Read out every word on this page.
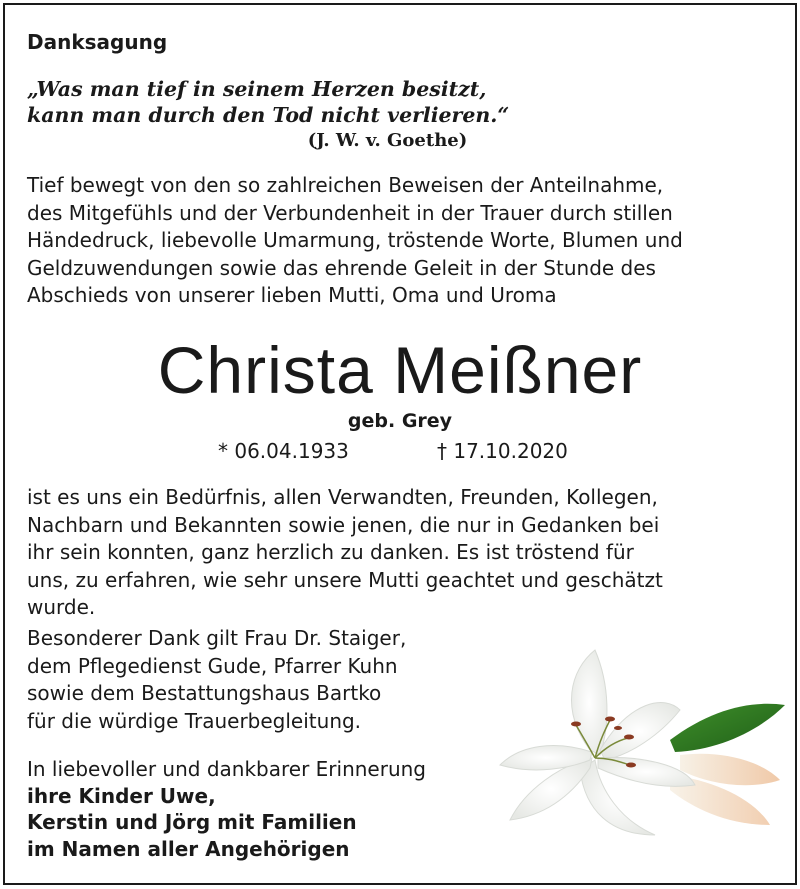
Danksagung
„Was man tief in seinem Herzen besitzt,
kann man durch den Tod nicht verlieren.“
(J. W. v. Goethe)
Tief bewegt von den so zahlreichen Beweisen der Anteilnahme,
des Mitgefühls und der Verbundenheit in der Trauer durch stillen
Händedruck, liebevolle Umarmung, tröstende Worte, Blumen und
Geldzuwendungen sowie das ehrende Geleit in der Stunde des
Abschieds von unserer lieben Mutti, Oma und Uroma
Christa Meißner
geb. Grey
* 06.04.1933	† 17.10.2020
ist es uns ein Bedürfnis, allen Verwandten, Freunden, Kollegen,
Nachbarn und Bekannten sowie jenen, die nur in Gedanken bei
ihr sein konnten, ganz herzlich zu danken. Es ist tröstend für
uns, zu erfahren, wie sehr unsere Mutti geachtet und geschätzt
wurde.
Besonderer Dank gilt Frau Dr. Staiger,
dem Pflegedienst Gude, Pfarrer Kuhn
sowie dem Bestattungshaus Bartko
für die würdige Trauerbegleitung.
In liebevoller und dankbarer Erinnerung
ihre Kinder Uwe,
Kerstin und Jörg mit Familien
im Namen aller Angehörigen
